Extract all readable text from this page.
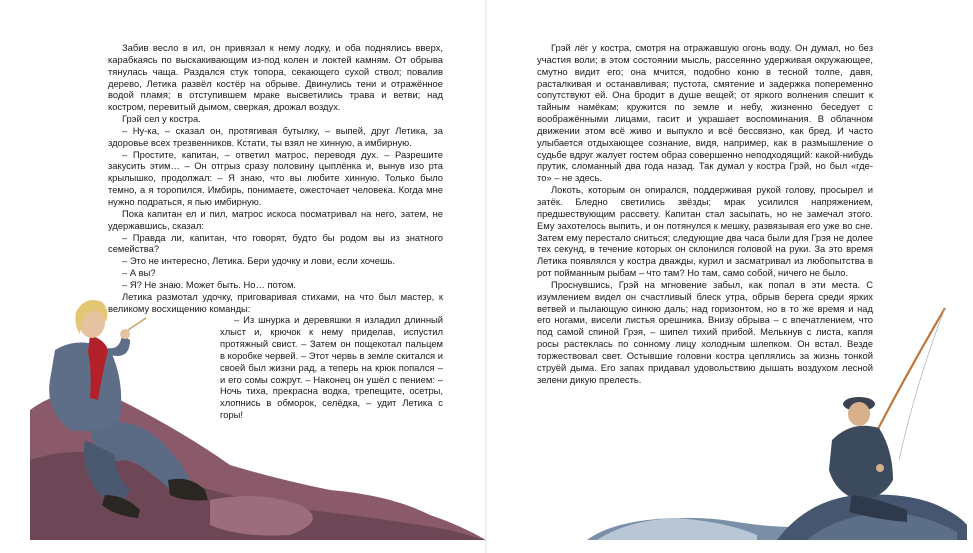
Забив весло в ил, он привязал к нему лодку, и оба поднялись вверх, карабкаясь по выскакивающим из-под колен и локтей камням. От обрыва тянулась чаща. Раздался стук топора, секающего сухой ствол; повалив дерево, Летика развёл костёр на обрыве. Двинулись тени и отражённое водой пламя; в отступившем мраке высветились трава и ветви; над костром, перевитый дымом, сверкая, дрожал воздух.

Грэй сел у костра.

– Ну-ка, – сказал он, протягивая бутылку, – выпей, друг Летика, за здоровье всех трезвенников. Кстати, ты взял не хинную, а имбирную.

– Простите, капитан, – ответил матрос, переводя дух. – Разрешите закусить этим… – Он отгрыз сразу половину цыплёнка и, вынув изо рта крылышко, продолжал: – Я знаю, что вы любите хинную. Только было темно, а я торопился. Имбирь, понимаете, ожесточает человека. Когда мне нужно подраться, я пью имбирную.

Пока капитан ел и пил, матрос искоса посматривал на него, затем, не удержавшись, сказал:

– Правда ли, капитан, что говорят, будто бы родом вы из знатного семейства?

– Это не интересно, Летика. Бери удочку и лови, если хочешь.

– А вы?

– Я? Не знаю. Может быть. Но… потом.

Летика размотал удочку, приговаривая стихами, на что был мастер, к великому восхищению команды:

– Из шнурка и деревяшки я изладил длинный хлыст и, крючок к нему приделав, испустил протяжный свист. – Затем он пощекотал пальцем в коробке червей. – Этот червь в земле скитался и своей был жизни рад, а теперь на крюк попался – и его сомы сожрут. – Наконец он ушёл с пением: – Ночь тиха, прекрасна водка, трепещите, осетры, хлопнись в обморок, селёдка, – удит Летика с горы!

Грэй лёг у костра, смотря на отражавшую огонь воду. Он думал, но без участия воли; в этом состоянии мысль, рассеянно удерживая окружающее, смутно видит его; она мчится, подобно коню в тесной толпе, давя, расталкивая и останавливая; пустота, смятение и задержка попеременно сопутствуют ей. Она бродит в душе вещей; от яркого волнения спешит к тайным намёкам; кружится по земле и небу, жизненно беседует с воображёнными лицами, гасит и украшает воспоминания. В облачном движении этом всё живо и выпукло и всё бессвязно, как бред. И часто улыбается отдыхающее сознание, видя, например, как в размышление о судьбе вдруг жалует гостем образ совершенно неподходящий: какой-нибудь прутик, сломанный два года назад. Так думал у костра Грэй, но был «где-то» – не здесь.

Локоть, которым он опирался, поддерживая рукой голову, просырел и затёк. Бледно светились звёзды; мрак усилился напряжением, предшествующим рассвету. Капитан стал засыпать, но не замечал этого. Ему захотелось выпить, и он потянулся к мешку, развязывая его уже во сне. Затем ему перестало сниться; следующие два часа были для Грэя не долее тех секунд, в течение которых он склонился головой на руки. За это время Летика появлялся у костра дважды, курил и засматривал из любопытства в рот пойманным рыбам – что там? Но там, само собой, ничего не было.

Проснувшись, Грэй на мгновение забыл, как попал в эти места. С изумлением видел он счастливый блеск утра, обрыв берега среди ярких ветвей и пылающую синюю даль; над горизонтом, но в то же время и над его ногами, висели листья орешника. Внизу обрыва – с впечатлением, что под самой спиной Грэя, – шипел тихий прибой. Мелькнув с листа, капля росы растеклась по сонному лицу холодным шлепком. Он встал. Везде торжествовал свет. Остывшие головни костра цеплялись за жизнь тонкой струёй дыма. Его запах придавал удовольствию дышать воздухом лесной зелени дикую прелесть.
